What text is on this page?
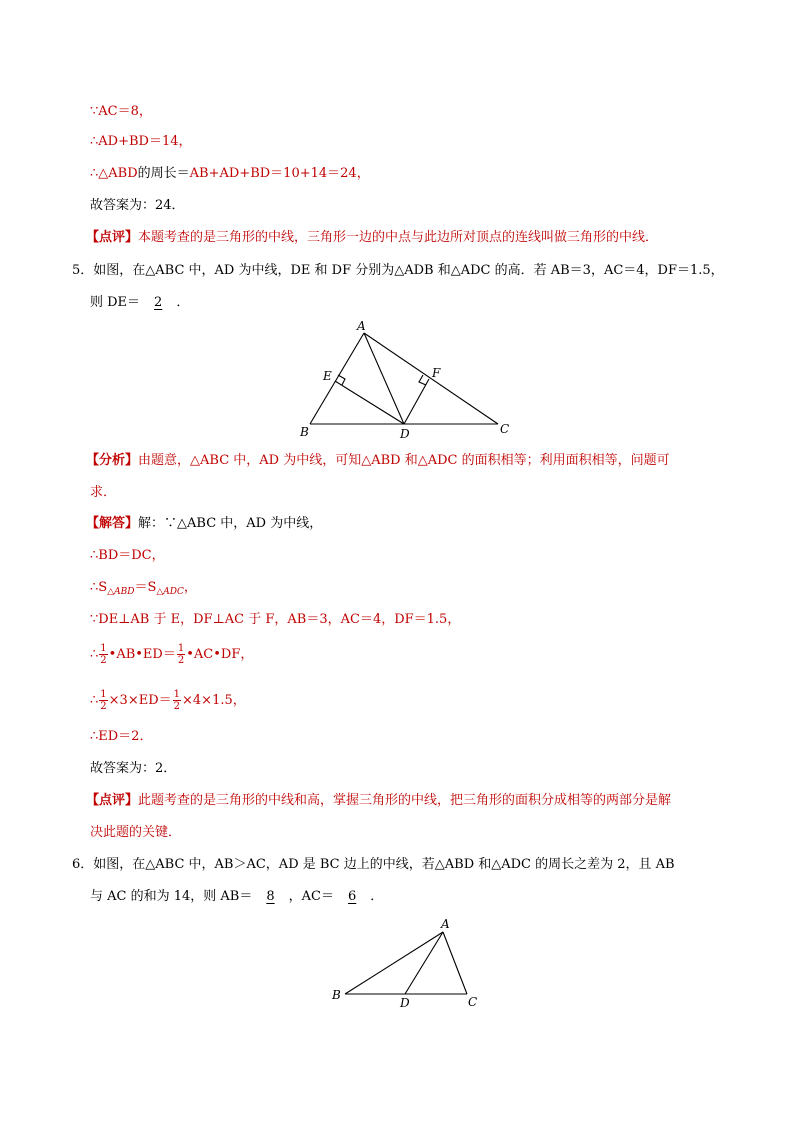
∵AC＝8，
∴AD+BD＝14，
∴△ABD的周长＝AB+AD+BD＝10+14＝24，
故答案为：24．
【点评】本题考查的是三角形的中线，三角形一边的中点与此边所对顶点的连线叫做三角形的中线．
5．如图，在△ABC 中，AD 为中线，DE 和 DF 分别为△ADB 和△ADC 的高．若 AB＝3，AC＝4，DF＝1.5，
则 DE＝ 2 ．
A
B	C
D
E	F
【分析】由题意，△ABC 中，AD 为中线，可知△ABD 和△ADC 的面积相等；利用面积相等，问题可
求．
【解答】解：∵△ABC 中，AD 为中线，
∴BD＝DC，
$\therefore S_{\triangle ABD}=S_{\triangle ADC}$，
∵DE⊥AB 于 E，DF⊥AC 于 F，AB＝3，AC＝4，DF＝1.5，
∴ $\frac{1}{2}$ •AB•ED＝ $\frac{1}{2}$ •AC•DF，
∴ $\frac{1}{2} \times 3\times ED= \frac{1}{2} \times 4\times 1.5$，
∴ED＝2．
故答案为：2．
【点评】此题考查的是三角形的中线和高，掌握三角形的中线，把三角形的面积分成相等的两部分是解
决此题的关键．
6．如图，在△ABC 中，AB＞AC，AD 是 BC 边上的中线，若△ABD 和△ADC 的周长之差为 2，且 AB
与 AC 的和为 14，则 AB＝ 8 ，AC＝ 6 ．
A
B	C
D
